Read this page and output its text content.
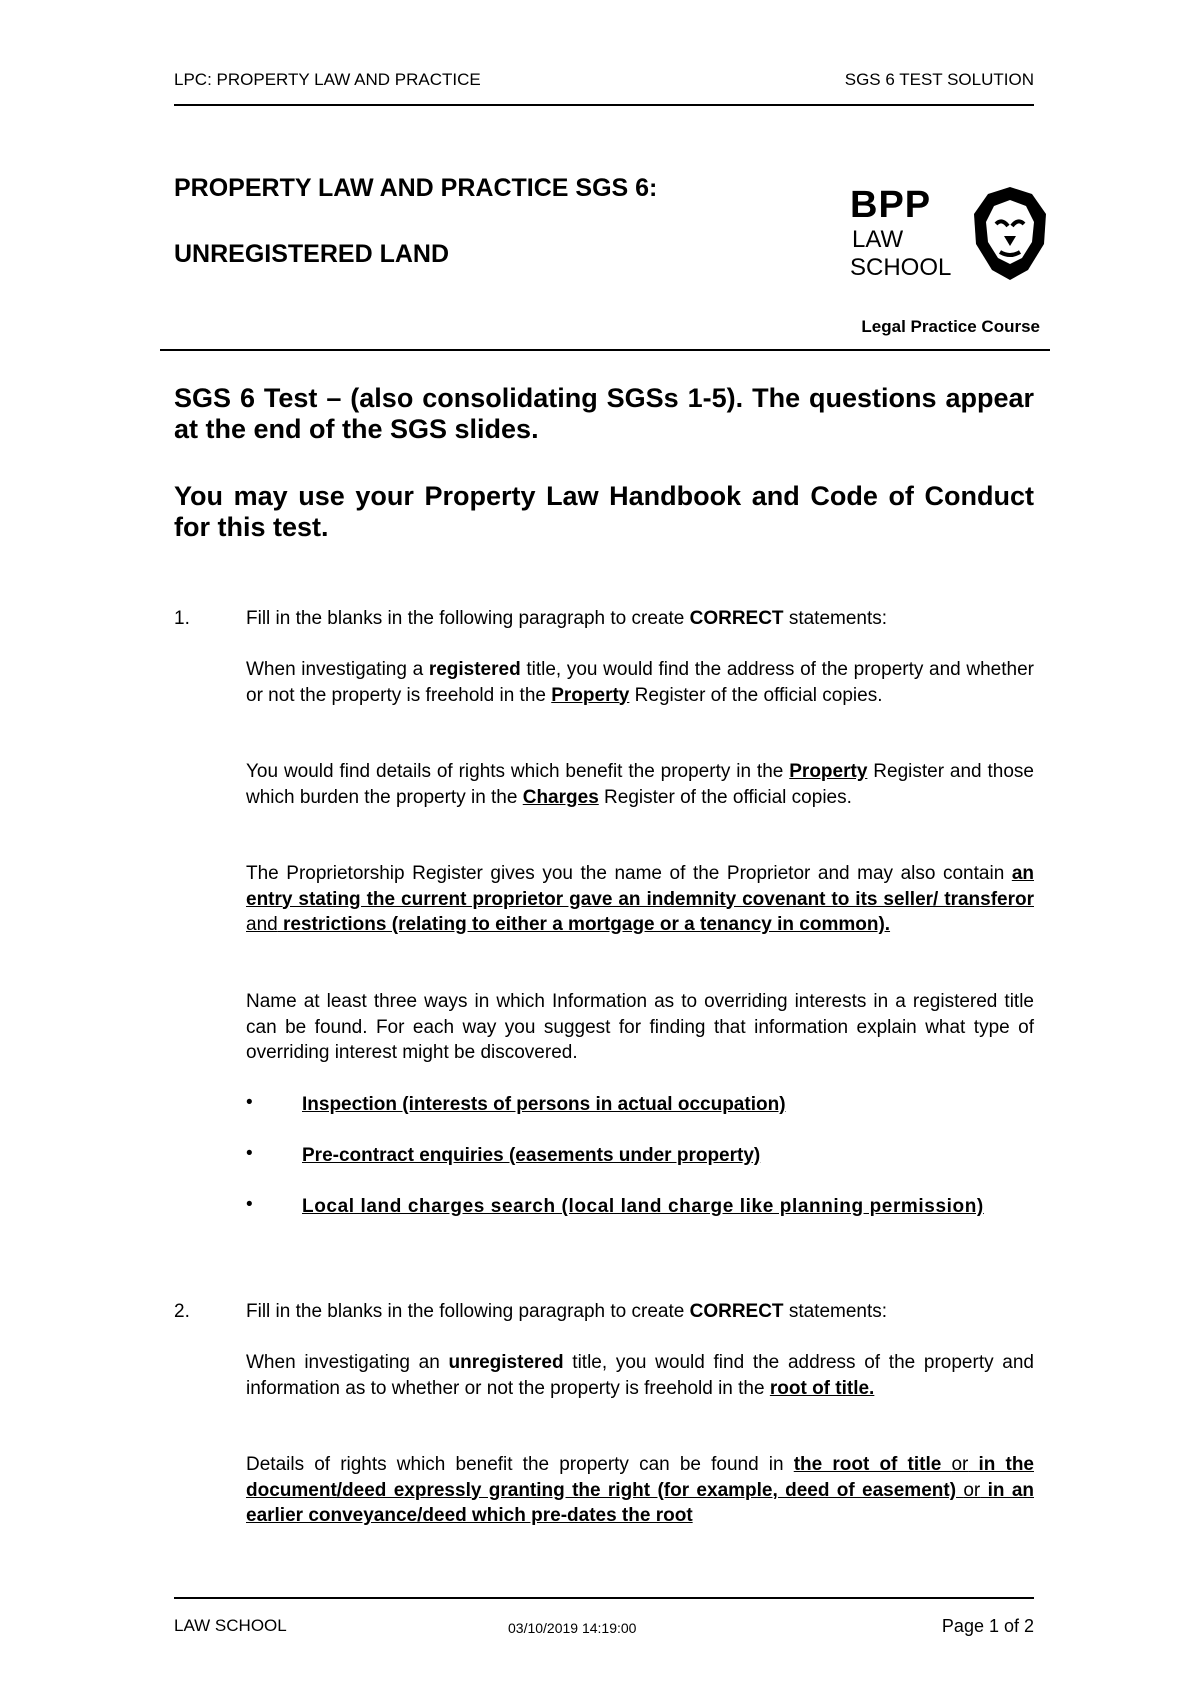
LPC: PROPERTY LAW AND PRACTICE	SGS 6 TEST SOLUTION
PROPERTY LAW AND PRACTICE SGS 6:
UNREGISTERED LAND
BPP
LAW
SCHOOL
Legal Practice Course
SGS 6 Test – (also consolidating SGSs 1-5). The questions appear at the end of the SGS slides.
You may use your Property Law Handbook and Code of Conduct for this test.
1.	Fill in the blanks in the following paragraph to create CORRECT statements:
When investigating a registered title, you would find the address of the property and whether or not the property is freehold in the Property Register of the official copies.
You would find details of rights which benefit the property in the Property Register and those which burden the property in the Charges Register of the official copies.
The Proprietorship Register gives you the name of the Proprietor and may also contain an entry stating the current proprietor gave an indemnity covenant to its seller/ transferor and restrictions (relating to either a mortgage or a tenancy in common).
Name at least three ways in which Information as to overriding interests in a registered title can be found. For each way you suggest for finding that information explain what type of overriding interest might be discovered.
•	Inspection (interests of persons in actual occupation)
•	Pre-contract enquiries (easements under property)
•	Local land charges search (local land charge like planning permission)
2.	Fill in the blanks in the following paragraph to create CORRECT statements:
When investigating an unregistered title, you would find the address of the property and information as to whether or not the property is freehold in the root of title.
Details of rights which benefit the property can be found in the root of title or in the document/deed expressly granting the right (for example, deed of easement) or in an earlier conveyance/deed which pre-dates the root
LAW SCHOOL	03/10/2019 14:19:00	Page 1 of 2
